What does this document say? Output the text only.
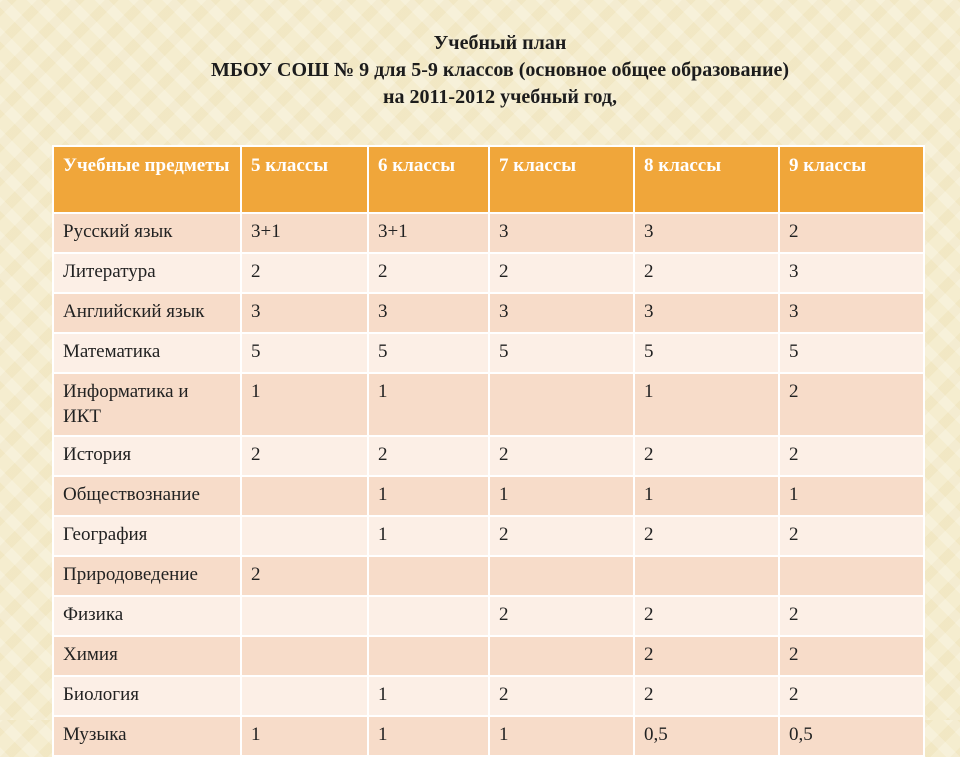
Учебный план
МБОУ СОШ № 9 для 5-9 классов (основное общее образование)
на 2011-2012 учебный год,
Учебные предметы	5 классы	6 классы	7 классы	8 классы	9 классы
Русский язык	3+1	3+1	3	3	2
Литература	2	2	2	2	3
Английский язык	3	3	3	3	3
Математика	5	5	5	5	5
Информатика и ИКТ	1	1		1	2
История	2	2	2	2	2
Обществознание		1	1	1	1
География		1	2	2	2
Природоведение	2				
Физика			2	2	2
Химия				2	2
Биология		1	2	2	2
Музыка	1	1	1	0,5	0,5
